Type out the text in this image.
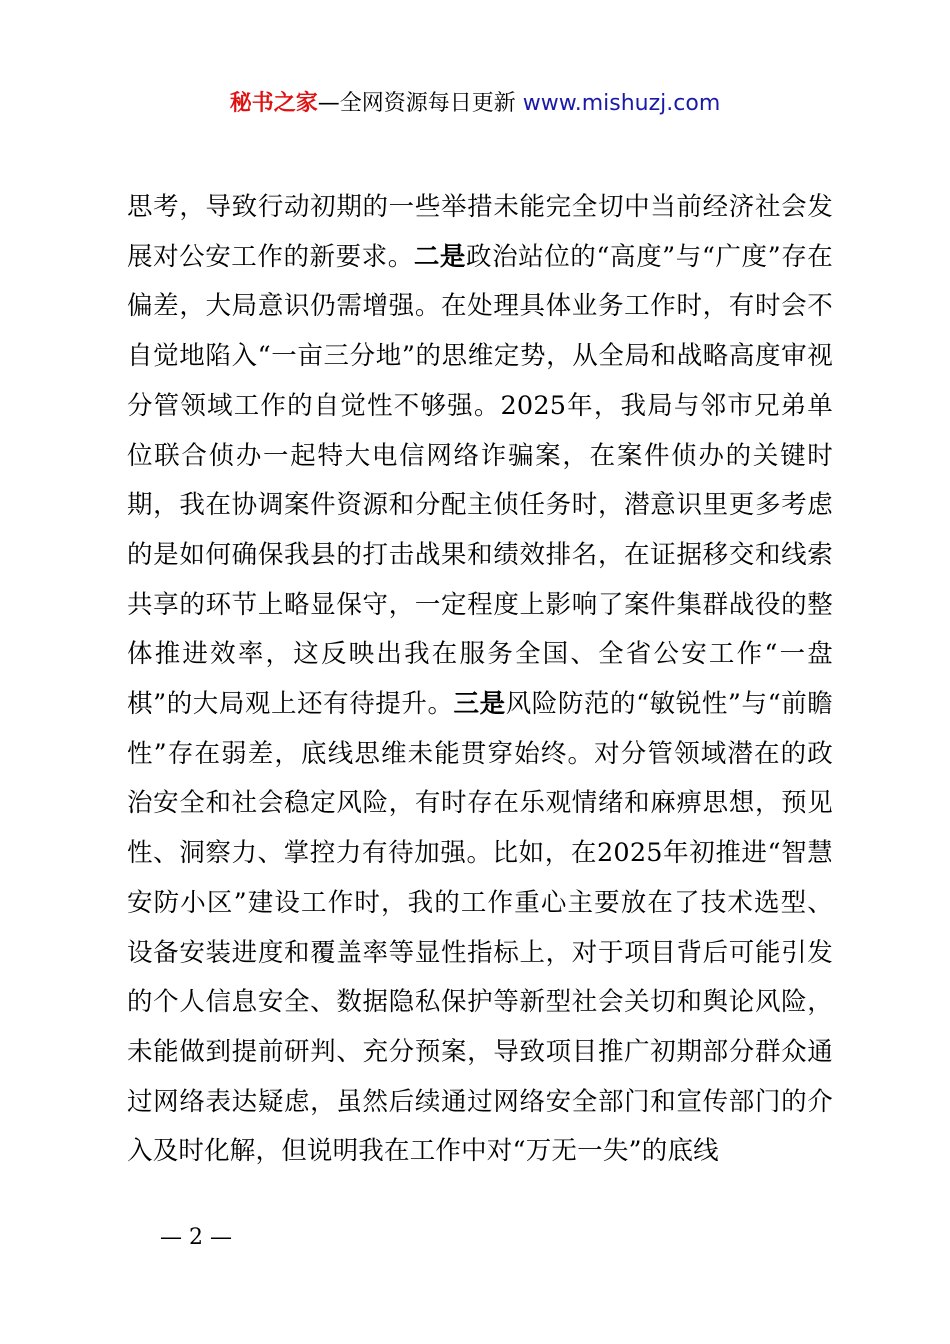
秘书之家—全网资源每日更新 www.mishuzj.com

思考，导致行动初期的一些举措未能完全切中当前经济社会发展对公安工作的新要求。二是政治站位的“高度”与“广度”存在偏差，大局意识仍需增强。在处理具体业务工作时，有时会不自觉地陷入“一亩三分地”的思维定势，从全局和战略高度审视分管领域工作的自觉性不够强。2025年，我局与邻市兄弟单位联合侦办一起特大电信网络诈骗案，在案件侦办的关键时期，我在协调案件资源和分配主侦任务时，潜意识里更多考虑的是如何确保我县的打击战果和绩效排名，在证据移交和线索共享的环节上略显保守，一定程度上影响了案件集群战役的整体推进效率，这反映出我在服务全国、全省公安工作“一盘棋”的大局观上还有待提升。三是风险防范的“敏锐性”与“前瞻性”存在弱差，底线思维未能贯穿始终。对分管领域潜在的政治安全和社会稳定风险，有时存在乐观情绪和麻痹思想，预见性、洞察力、掌控力有待加强。比如，在2025年初推进“智慧安防小区”建设工作时，我的工作重心主要放在了技术选型、设备安装进度和覆盖率等显性指标上，对于项目背后可能引发的个人信息安全、数据隐私保护等新型社会关切和舆论风险，未能做到提前研判、充分预案，导致项目推广初期部分群众通过网络表达疑虑，虽然后续通过网络安全部门和宣传部门的介入及时化解，但说明我在工作中对“万无一失”的底线

— 2 —
